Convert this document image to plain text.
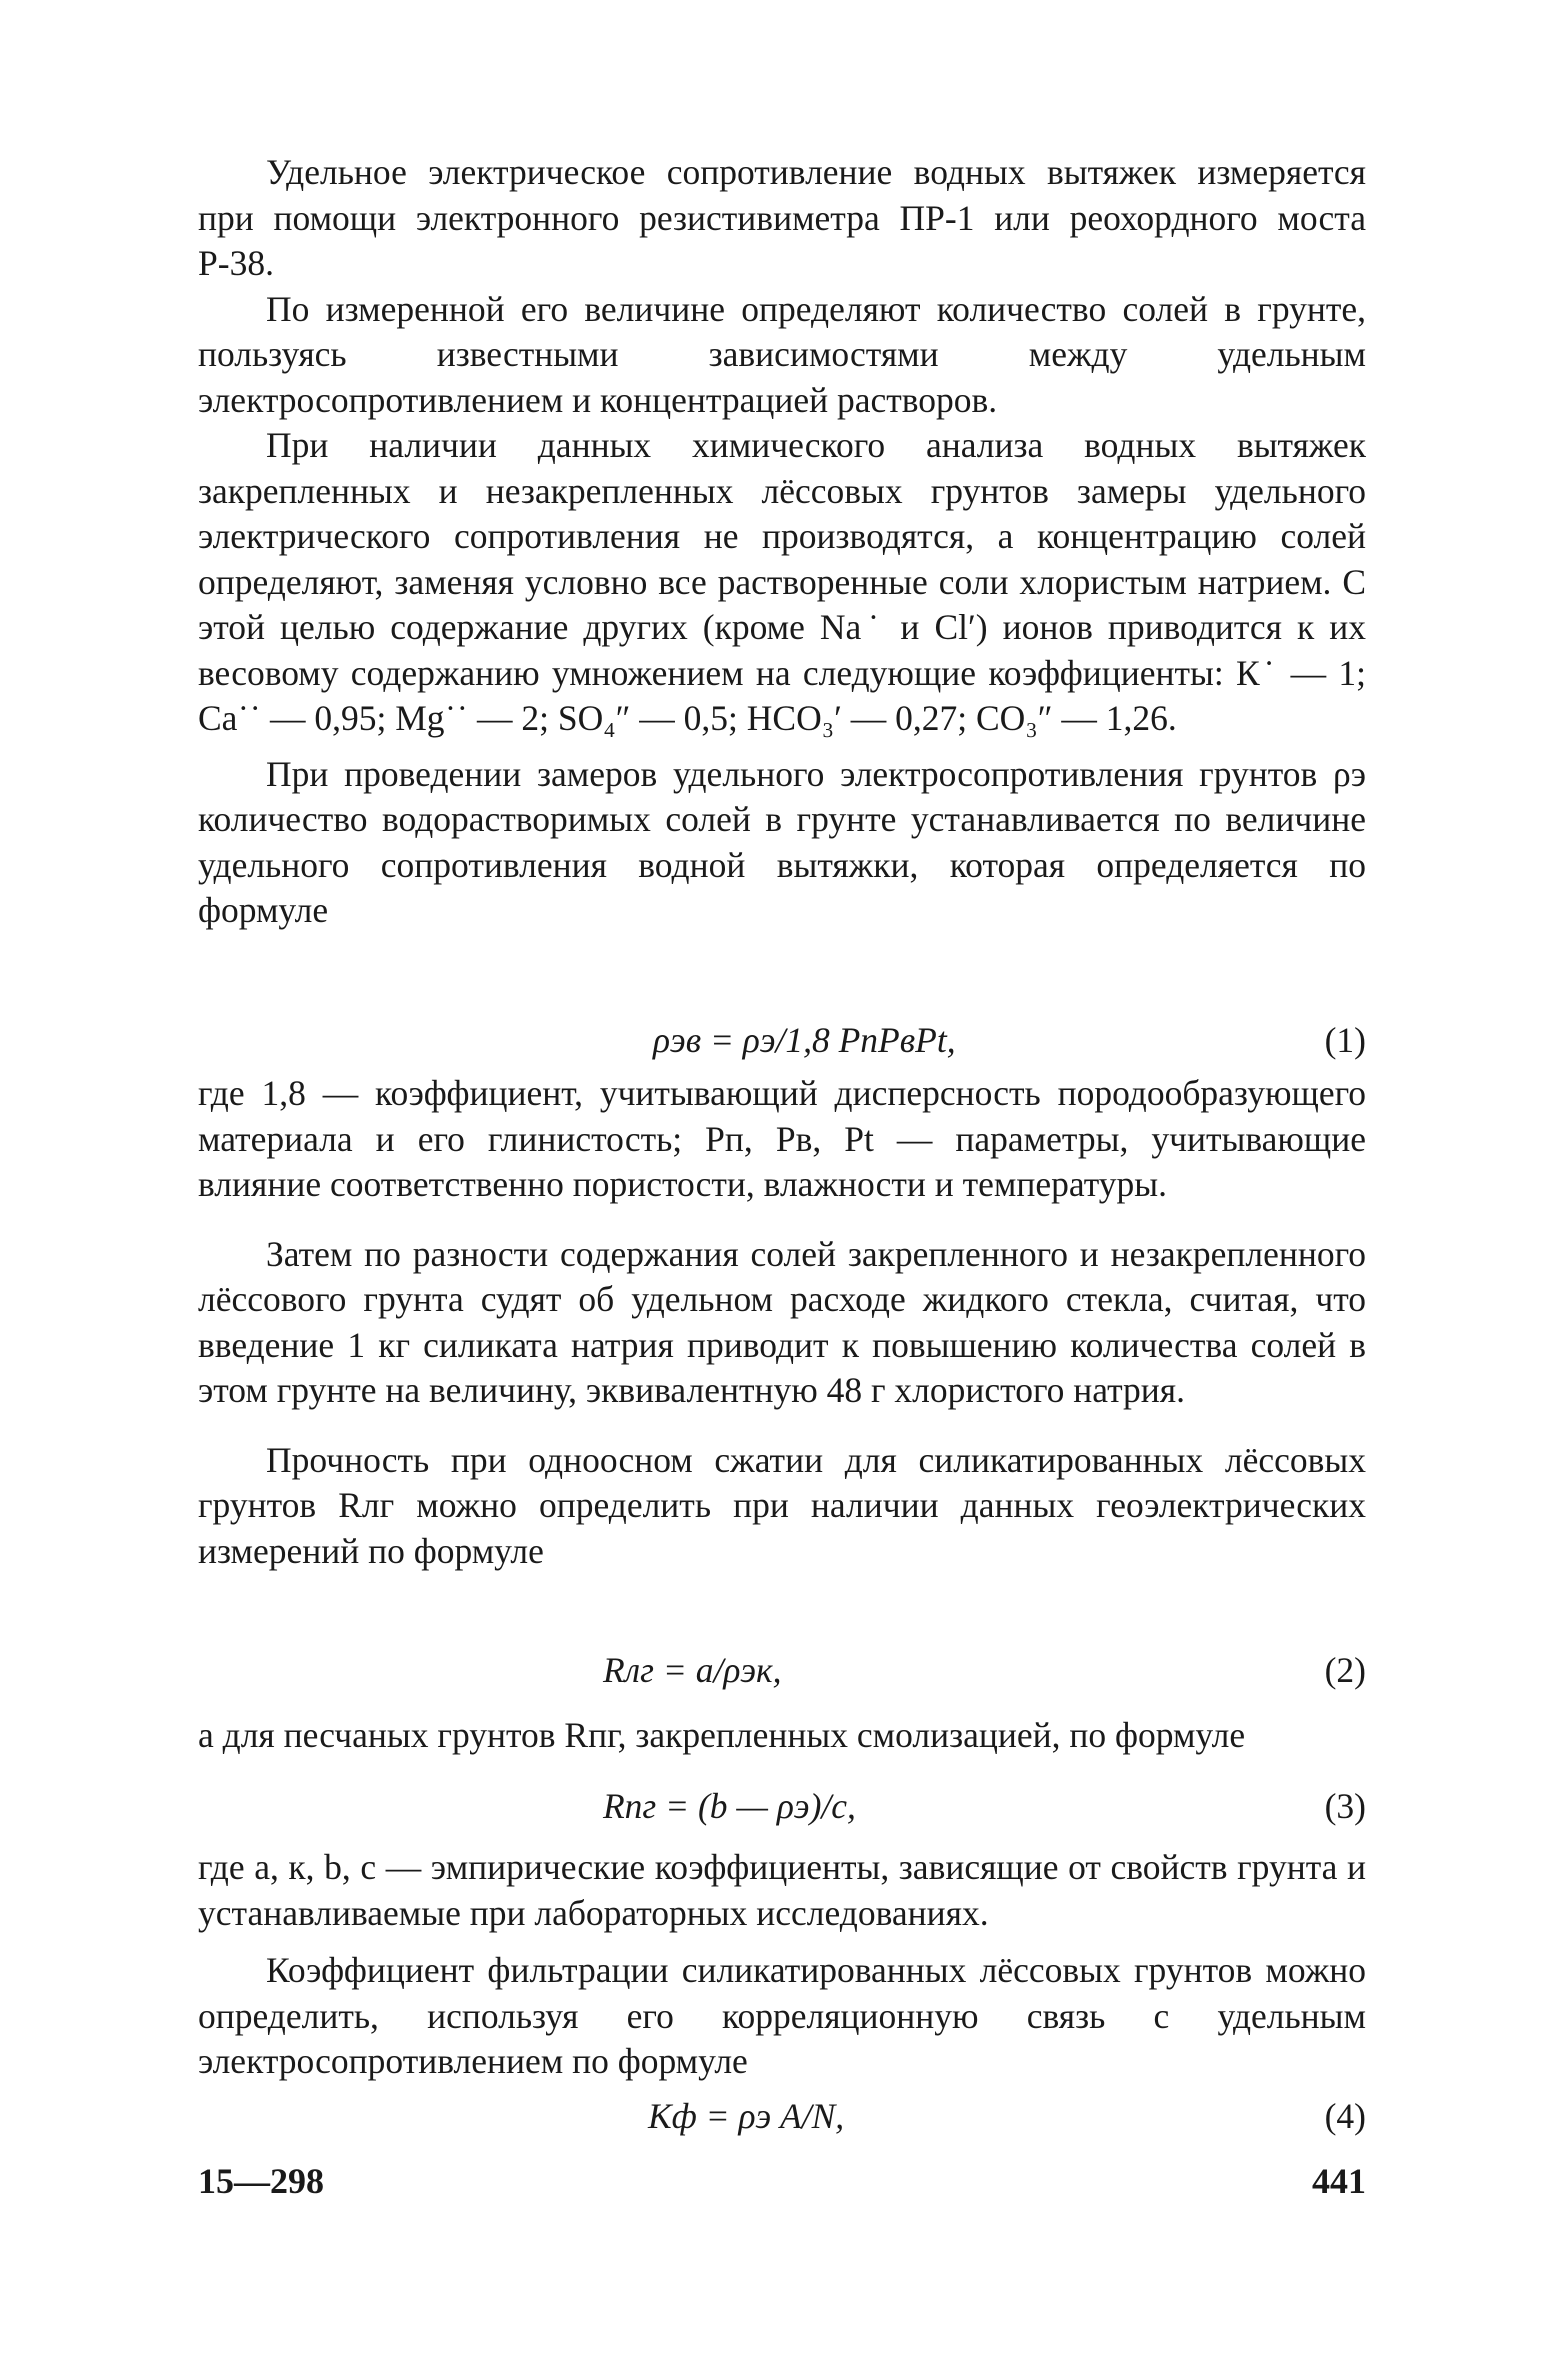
Удельное электрическое сопротивление водных вытяжек измеряется при помощи электронного резистивиметра ПР-1 или реохордного моста Р-38.

По измеренной его величине определяют количество солей в грунте, пользуясь известными зависимостями между удельным электросопротивлением и концентрацией растворов.

При наличии данных химического анализа водных вытяжек закрепленных и незакрепленных лёссовых грунтов замеры удельного электрического сопротивления не производятся, а концентрацию солей определяют, заменяя условно все растворенные соли хлористым натрием. С этой целью содержание других (кроме Na˙ и Cl′) ионов приводится к их весовому содержанию умножением на следующие коэффициенты: К˙ — 1; Ca˙˙ — 0,95; Mg˙˙ — 2; SO₄″ — 0,5; HCO₃′ — 0,27; CO₃″ — 1,26.

При проведении замеров удельного электросопротивления грунтов ρэ количество водорастворимых солей в грунте устанавливается по величине удельного сопротивления водной вытяжки, которая определяется по формуле

ρэв = ρэ/1,8 PпPвPt,	(1)

где 1,8 — коэффициент, учитывающий дисперсность породообразующего материала и его глинистость; Pп, Pв, Pt — параметры, учитывающие влияние соответственно пористости, влажности и температуры.

Затем по разности содержания солей закрепленного и незакрепленного лёссового грунта судят об удельном расходе жидкого стекла, считая, что введение 1 кг силиката натрия приводит к повышению количества солей в этом грунте на величину, эквивалентную 48 г хлористого натрия.

Прочность при одноосном сжатии для силикатированных лёссовых грунтов Rлг можно определить при наличии данных геоэлектрических измерений по формуле

Rлг = a/ρэк,	(2)

а для песчаных грунтов Rпг, закрепленных смолизацией, по формуле

Rпг = (b — ρэ)/c,	(3)

где a, к, b, c — эмпирические коэффициенты, зависящие от свойств грунта и устанавливаемые при лабораторных исследованиях.

Коэффициент фильтрации силикатированных лёссовых грунтов можно определить, используя его корреляционную связь с удельным электросопротивлением по формуле

Кф = ρэ A/N,	(4)
15—298	441
